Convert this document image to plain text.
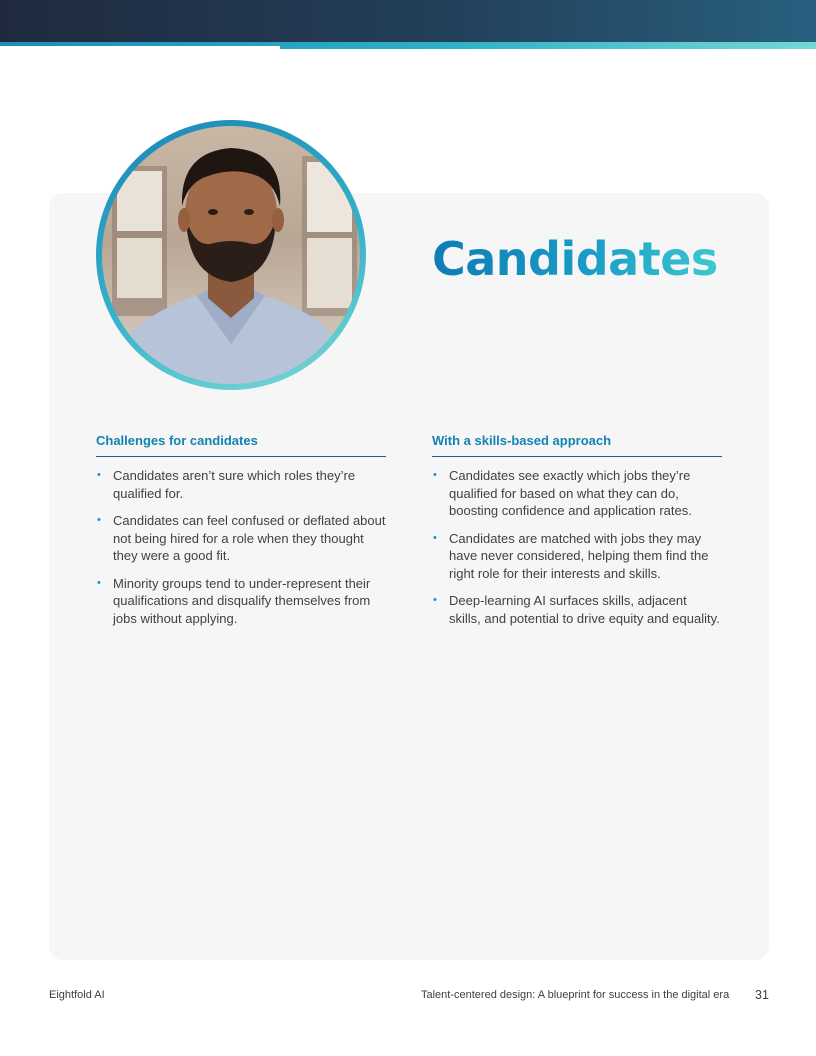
Candidates
Challenges for candidates
• Candidates aren’t sure which roles they’re qualified for.
• Candidates can feel confused or deflated about not being hired for a role when they thought they were a good fit.
• Minority groups tend to under-represent their qualifications and disqualify themselves from jobs without applying.
With a skills-based approach
• Candidates see exactly which jobs they’re qualified for based on what they can do, boosting confidence and application rates.
• Candidates are matched with jobs they may have never considered, helping them find the right role for their interests and skills.
• Deep-learning AI surfaces skills, adjacent skills, and potential to drive equity and equality.
Eightfold AI	Talent-centered design: A blueprint for success in the digital era 31
